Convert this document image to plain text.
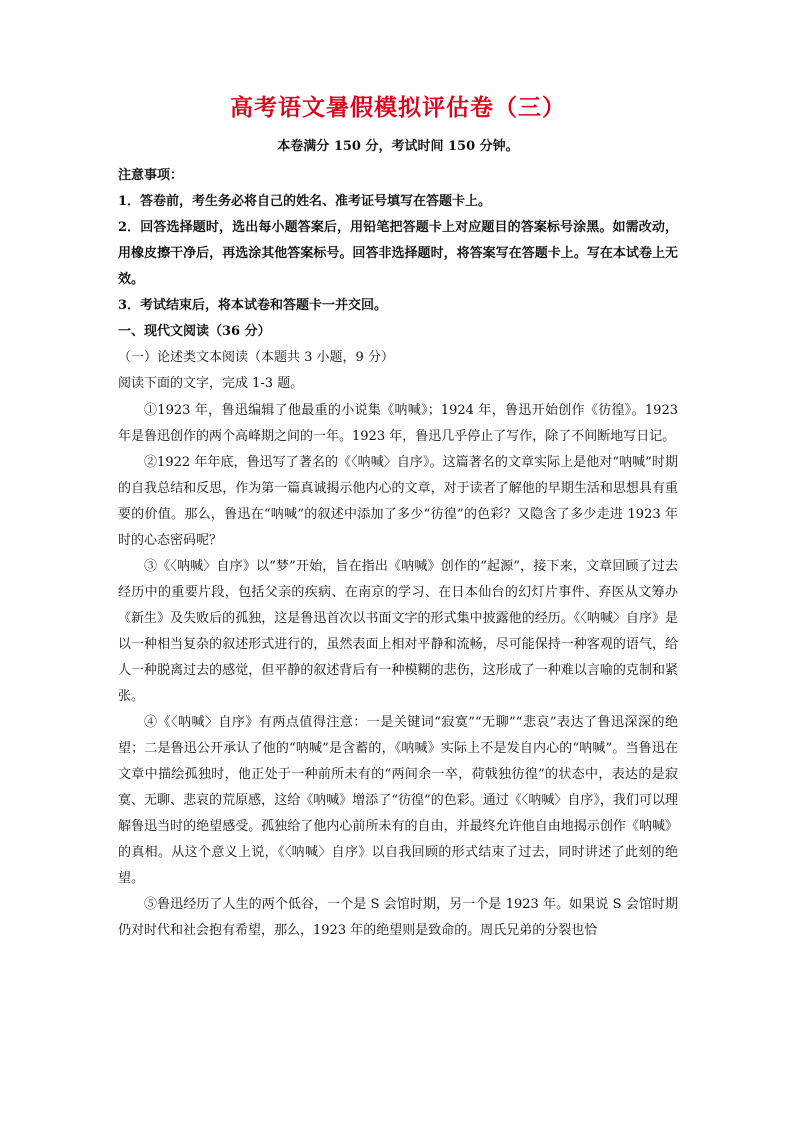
高考语文暑假模拟评估卷（三）

本卷满分 150 分，考试时间 150 分钟。

注意事项：

1．答卷前，考生务必将自己的姓名、准考证号填写在答题卡上。

2．回答选择题时，选出每小题答案后，用铅笔把答题卡上对应题目的答案标号涂黑。如需改动，用橡皮擦干净后，再选涂其他答案标号。回答非选择题时，将答案写在答题卡上。写在本试卷上无效。

3．考试结束后，将本试卷和答题卡一并交回。

一、现代文阅读（36 分）

（一）论述类文本阅读（本题共 3 小题，9 分）

阅读下面的文字，完成 1-3 题。

①1923 年，鲁迅编辑了他最重的小说集《呐喊》；1924 年，鲁迅开始创作《彷徨》。1923 年是鲁迅创作的两个高峰期之间的一年。1923 年，鲁迅几乎停止了写作，除了不间断地写日记。

②1922 年年底，鲁迅写了著名的《〈呐喊〉自序》。这篇著名的文章实际上是他对“呐喊”时期的自我总结和反思，作为第一篇真诚揭示他内心的文章，对于读者了解他的早期生活和思想具有重要的价值。那么，鲁迅在“呐喊”的叙述中添加了多少“彷徨”的色彩？又隐含了多少走进 1923 年时的心态密码呢？

③《〈呐喊〉自序》以“梦”开始，旨在指出《呐喊》创作的“起源”，接下来，文章回顾了过去经历中的重要片段，包括父亲的疾病、在南京的学习、在日本仙台的幻灯片事件、弃医从文筹办《新生》及失败后的孤独，这是鲁迅首次以书面文字的形式集中披露他的经历。《〈呐喊〉自序》是以一种相当复杂的叙述形式进行的，虽然表面上相对平静和流畅，尽可能保持一种客观的语气，给人一种脱离过去的感觉，但平静的叙述背后有一种模糊的悲伤，这形成了一种难以言喻的克制和紧张。

④《〈呐喊〉自序》有两点值得注意：一是关键词“寂寞”“无聊”“悲哀”表达了鲁迅深深的绝望；二是鲁迅公开承认了他的“呐喊”是含蓄的，《呐喊》实际上不是发自内心的“呐喊”。当鲁迅在文章中描绘孤独时，他正处于一种前所未有的“两间余一卒，荷戟独彷徨”的状态中，表达的是寂寞、无聊、悲哀的荒原感，这给《呐喊》增添了“彷徨”的色彩。通过《〈呐喊〉自序》，我们可以理解鲁迅当时的绝望感受。孤独给了他内心前所未有的自由，并最终允许他自由地揭示创作《呐喊》的真相。从这个意义上说，《〈呐喊〉自序》以自我回顾的形式结束了过去，同时讲述了此刻的绝望。

⑤鲁迅经历了人生的两个低谷，一个是 S 会馆时期，另一个是 1923 年。如果说 S 会馆时期仍对时代和社会抱有希望，那么，1923 年的绝望则是致命的。周氏兄弟的分裂也恰
